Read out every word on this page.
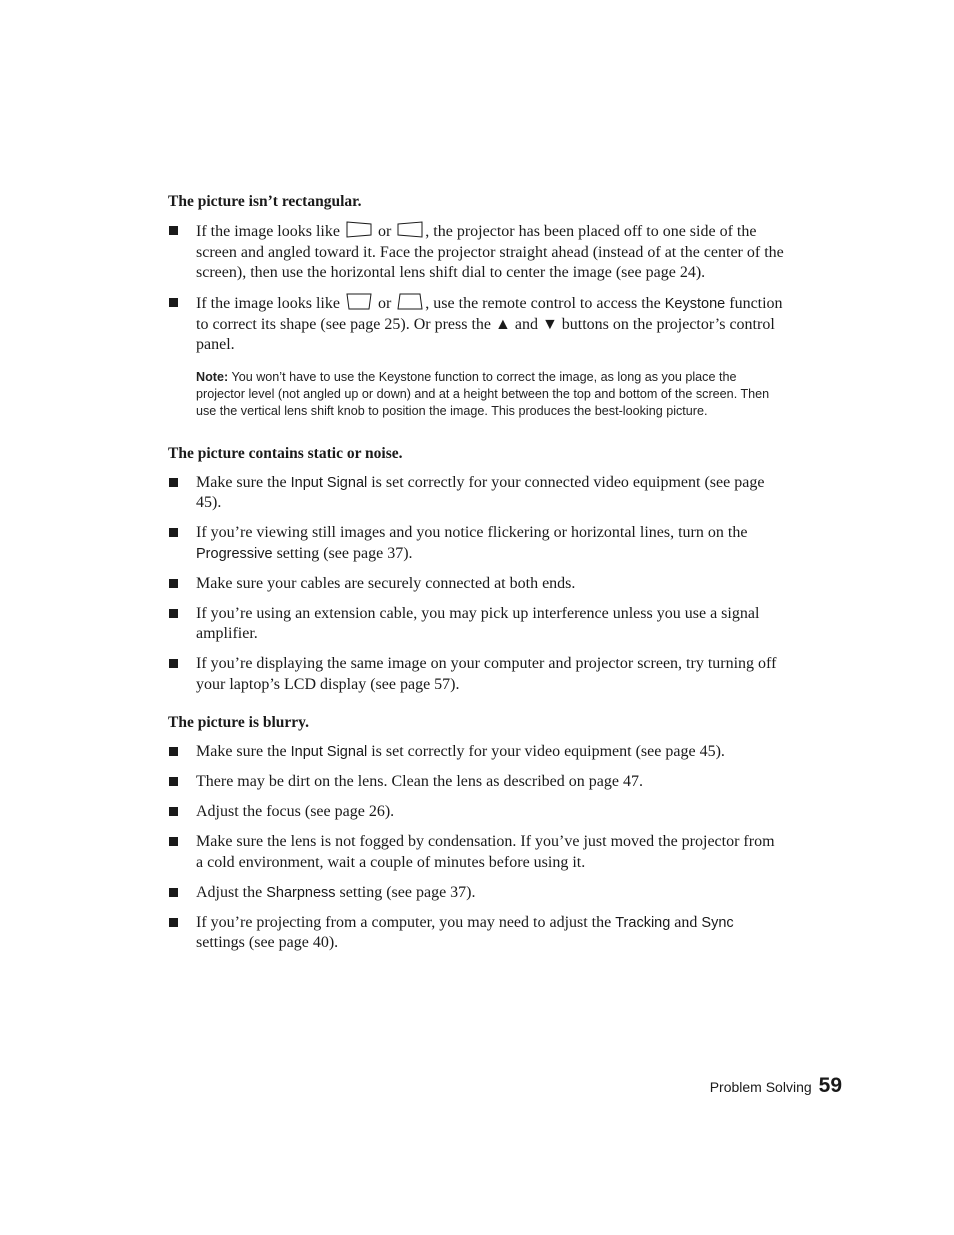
The picture isn’t rectangular.
If the image looks like  or , the projector has been placed off to one side of the screen and angled toward it. Face the projector straight ahead (instead of at the center of the screen), then use the horizontal lens shift dial to center the image (see page 24).
If the image looks like  or , use the remote control to access the Keystone function to correct its shape (see page 25). Or press the ▲ and ▼ buttons on the projector’s control panel.
Note: You won’t have to use the Keystone function to correct the image, as long as you place the projector level (not angled up or down) and at a height between the top and bottom of the screen. Then use the vertical lens shift knob to position the image. This produces the best-looking picture.
The picture contains static or noise.
Make sure the Input Signal is set correctly for your connected video equipment (see page 45).
If you’re viewing still images and you notice flickering or horizontal lines, turn on the Progressive setting (see page 37).
Make sure your cables are securely connected at both ends.
If you’re using an extension cable, you may pick up interference unless you use a signal amplifier.
If you’re displaying the same image on your computer and projector screen, try turning off your laptop’s LCD display (see page 57).
The picture is blurry.
Make sure the Input Signal is set correctly for your video equipment (see page 45).
There may be dirt on the lens. Clean the lens as described on page 47.
Adjust the focus (see page 26).
Make sure the lens is not fogged by condensation. If you’ve just moved the projector from a cold environment, wait a couple of minutes before using it.
Adjust the Sharpness setting (see page 37).
If you’re projecting from a computer, you may need to adjust the Tracking and Sync settings (see page 40).
Problem Solving 59
